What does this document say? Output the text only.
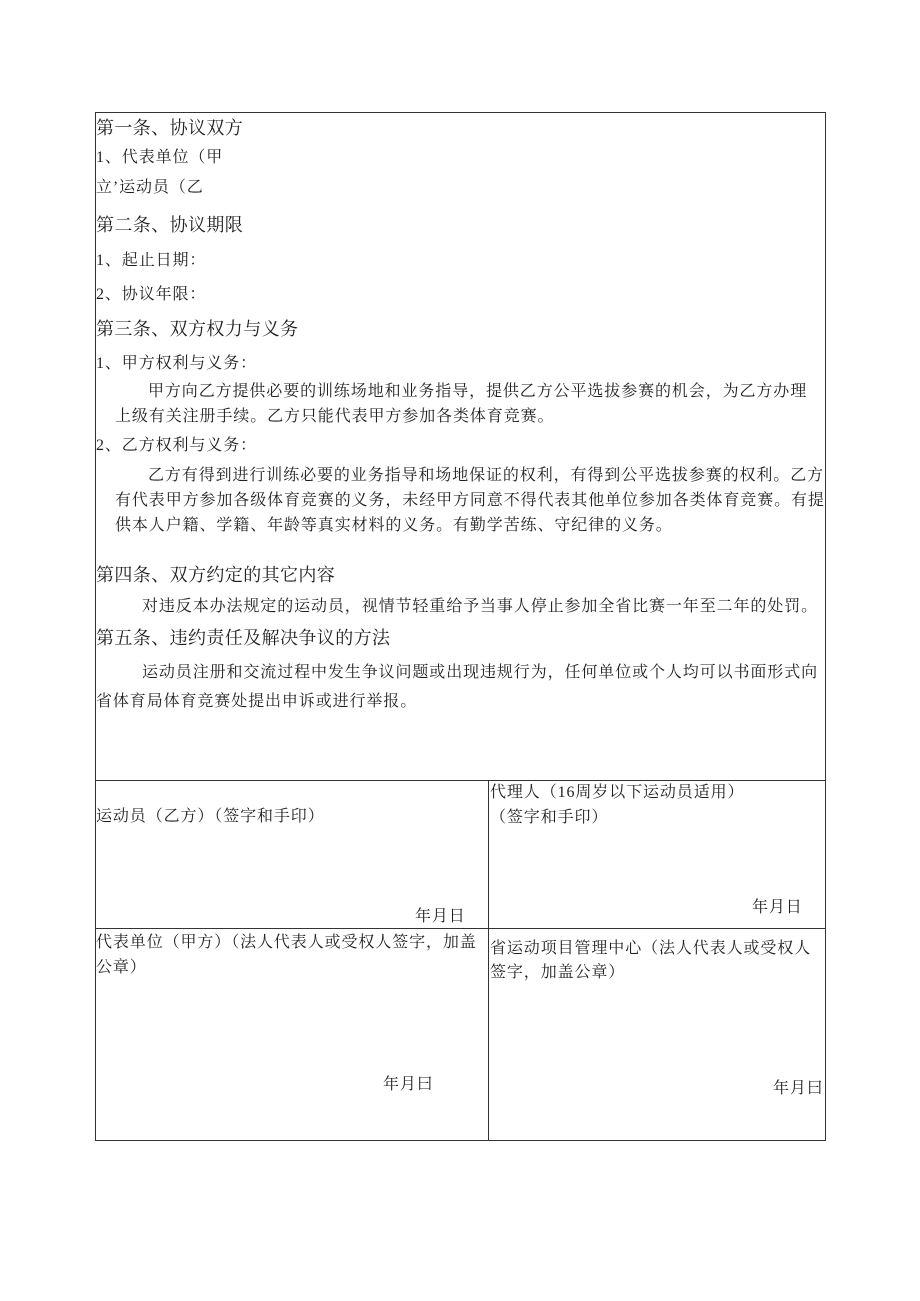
第一条、协议双方
1、代表单位（甲
立’运动员（乙
第二条、协议期限
1、起止日期：
2、协议年限：
第三条、双方权力与义务
1、甲方权利与义务：
甲方向乙方提供必要的训练场地和业务指导，提供乙方公平选拔参赛的机会，为乙方办理
上级有关注册手续。乙方只能代表甲方参加各类体育竞赛。
2、乙方权利与义务：
乙方有得到进行训练必要的业务指导和场地保证的权利，有得到公平选拔参赛的权利。乙方
有代表甲方参加各级体育竞赛的义务，未经甲方同意不得代表其他单位参加各类体育竞赛。有提
供本人户籍、学籍、年龄等真实材料的义务。有勤学苦练、守纪律的义务。
第四条、双方约定的其它内容
对违反本办法规定的运动员，视情节轻重给予当事人停止参加全省比赛一年至二年的处罚。
第五条、违约责任及解决争议的方法
运动员注册和交流过程中发生争议问题或出现违规行为，任何单位或个人均可以书面形式向
省体育局体育竞赛处提出申诉或进行举报。
运动员（乙方）（签字和手印）
年月日
代理人（16周岁以下运动员适用）
（签字和手印）
年月日
代表单位（甲方）（法人代表人或受权人签字，加盖
公章）
年月曰
省运动项目管理中心（法人代表人或受权人
签字，加盖公章）
年月曰
